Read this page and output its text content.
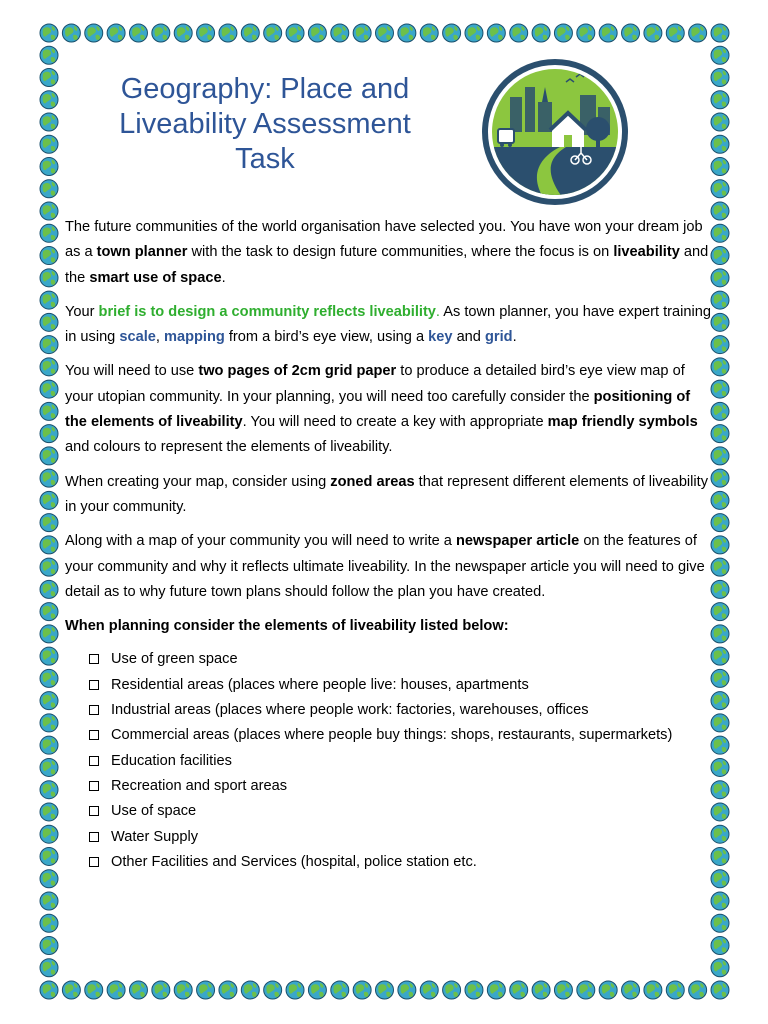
Geography: Place and
Liveability Assessment
Task

The future communities of the world organisation have selected you. You have won your dream job as a town planner with the task to design future communities, where the focus is on liveability and the smart use of space.

Your brief is to design a community reflects liveability. As town planner, you have expert training in using scale, mapping from a bird’s eye view, using a key and grid.

You will need to use two pages of 2cm grid paper to produce a detailed bird’s eye view map of your utopian community. In your planning, you will need too carefully consider the positioning of the elements of liveability. You will need to create a key with appropriate map friendly symbols and colours to represent the elements of liveability.

When creating your map, consider using zoned areas that represent different elements of liveability in your community.

Along with a map of your community you will need to write a newspaper article on the features of your community and why it reflects ultimate liveability. In the newspaper article you will need to give detail as to why future town plans should follow the plan you have created.

When planning consider the elements of liveability listed below:

Use of green space
Residential areas (places where people live: houses, apartments
Industrial areas (places where people work: factories, warehouses, offices
Commercial areas (places where people buy things: shops, restaurants, supermarkets)
Education facilities
Recreation and sport areas
Use of space
Water Supply
Other Facilities and Services (hospital, police station etc.
